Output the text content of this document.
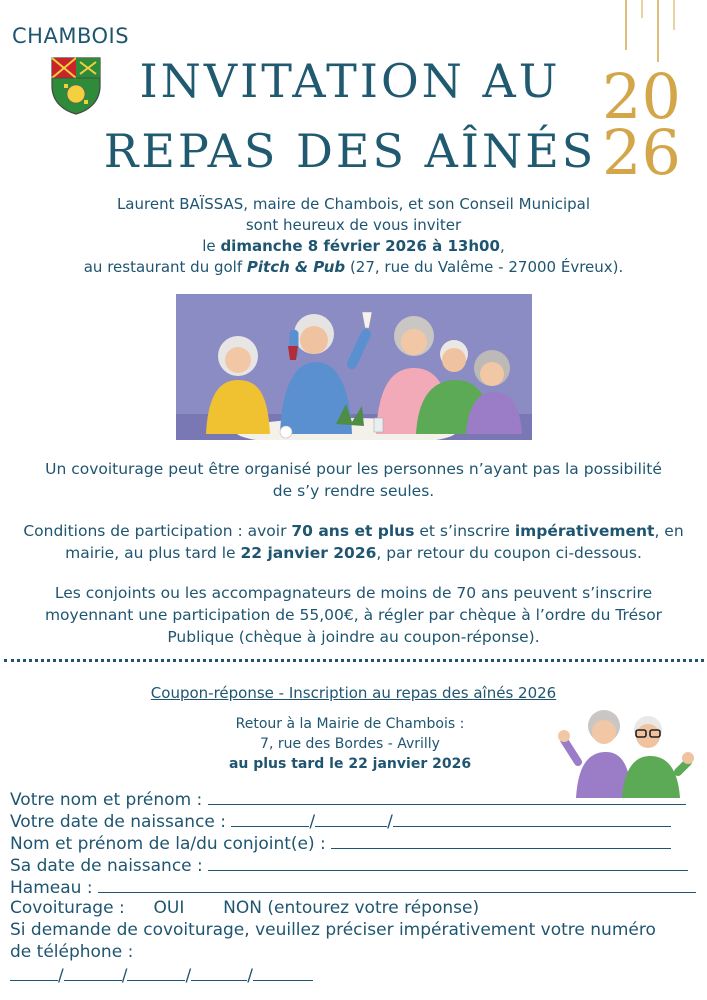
CHAMBOIS
INVITATION AU
REPAS DES AÎNÉS
20
26
Laurent BAÏSSAS, maire de Chambois, et son Conseil Municipal
sont heureux de vous inviter
le dimanche 8 février 2026 à 13h00,
au restaurant du golf Pitch & Pub (27, rue du Valême - 27000 Évreux).
Un covoiturage peut être organisé pour les personnes n’ayant pas la possibilité
de s’y rendre seules.
Conditions de participation : avoir 70 ans et plus et s’inscrire impérativement, en
mairie, au plus tard le 22 janvier 2026, par retour du coupon ci-dessous.
Les conjoints ou les accompagnateurs de moins de 70 ans peuvent s’inscrire
moyennant une participation de 55,00€, à régler par chèque à l’ordre du Trésor
Publique (chèque à joindre au coupon-réponse).
Coupon-réponse - Inscription au repas des aînés 2026
Retour à la Mairie de Chambois :
7, rue des Bordes - Avrilly
au plus tard le 22 janvier 2026
Votre nom et prénom :
Votre date de naissance :	/	/
Nom et prénom de la/du conjoint(e) :
Sa date de naissance :
Hameau :
Covoiturage : OUI NON (entourez votre réponse)
Si demande de covoiturage, veuillez préciser impérativement votre numéro
de téléphone :
/	/	/	/
